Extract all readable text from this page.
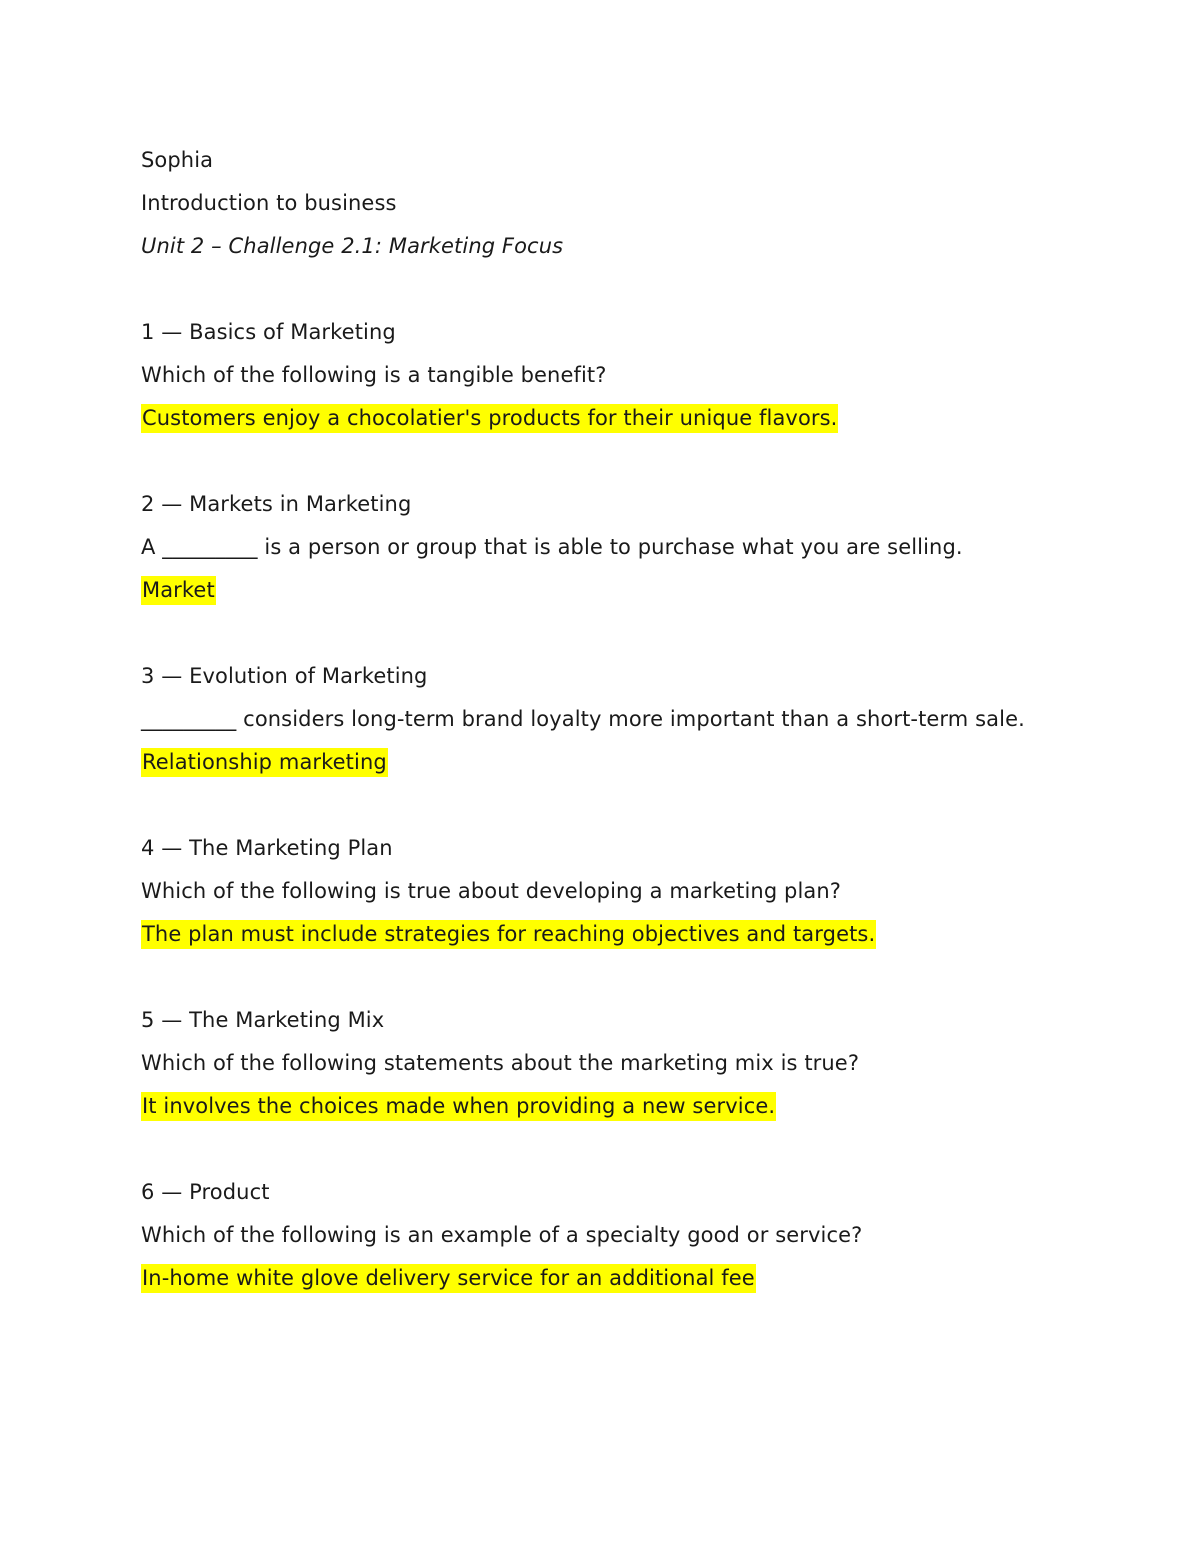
Sophia
Introduction to business
Unit 2 – Challenge 2.1: Marketing Focus
1 — Basics of Marketing
Which of the following is a tangible benefit?
Customers enjoy a chocolatier's products for their unique flavors.
2 — Markets in Marketing
A _________ is a person or group that is able to purchase what you are selling.
Market
3 — Evolution of Marketing
_________ considers long-term brand loyalty more important than a short-term sale.
Relationship marketing
4 — The Marketing Plan
Which of the following is true about developing a marketing plan?
The plan must include strategies for reaching objectives and targets.
5 — The Marketing Mix
Which of the following statements about the marketing mix is true?
It involves the choices made when providing a new service.
6 — Product
Which of the following is an example of a specialty good or service?
In-home white glove delivery service for an additional fee
